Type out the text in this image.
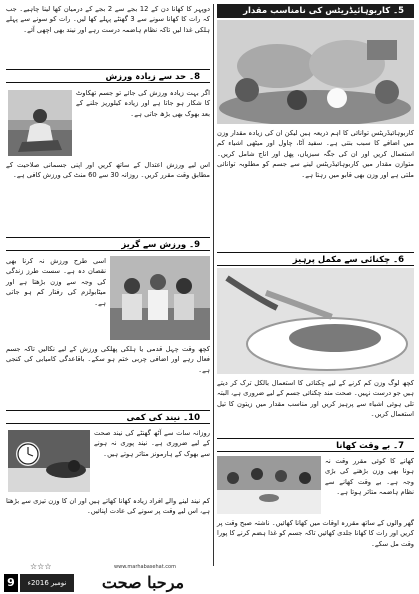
دوپہر کا کھانا دن کے 12 بجے سے 2 بجے کے درمیان کھا لینا چاہیے۔ جب کہ رات کا کھانا سونے سے 3 گھنٹے پہلے کھا لیں۔ رات کو سونے سے پہلے ہلکی غذا لیں تاکہ نظام ہاضمہ درست رہے اور نیند بھی اچھی آئے۔

8۔ حد سے زیادہ ورزش

اگر بہت زیادہ ورزش کی جائے تو جسم تھکاوٹ کا شکار ہو جاتا ہے اور زیادہ کیلوریز جلنے کے بعد بھوک بھی بڑھ جاتی ہے۔

اس لیے ورزش اعتدال کے ساتھ کریں اور اپنی جسمانی صلاحیت کے مطابق وقت مقرر کریں۔ روزانہ 30 سے 60 منٹ کی ورزش کافی ہے۔

9۔ ورزش سے گریز

اسی طرح ورزش نہ کرنا بھی نقصان دہ ہے۔ سست طرز زندگی کی وجہ سے وزن بڑھتا ہے اور میٹابولزم کی رفتار کم ہو جاتی ہے۔

کچھ وقت چہل قدمی یا ہلکی پھلکی ورزش کے لیے نکالیں تاکہ جسم فعال رہے اور اضافی چربی ختم ہو سکے۔ باقاعدگی کامیابی کی کنجی ہے۔

10۔ نیند کی کمی

روزانہ سات سے آٹھ گھنٹے کی نیند صحت کے لیے ضروری ہے۔ نیند پوری نہ ہونے سے بھوک کے ہارمونز متاثر ہوتے ہیں۔

کم نیند لینے والے افراد زیادہ کھانا کھاتے ہیں اور ان کا وزن تیزی سے بڑھتا ہے، اس لیے وقت پر سونے کی عادت اپنائیں۔

☆☆☆
5۔ کاربوہائیڈریٹس کی نامناسب مقدار

کاربوہائیڈریٹس توانائی کا اہم ذریعہ ہیں لیکن ان کی زیادہ مقدار وزن میں اضافے کا سبب بنتی ہے۔ سفید آٹا، چاول اور میٹھی اشیاء کم استعمال کریں اور ان کی جگہ سبزیاں، پھل اور اناج شامل کریں۔ متوازن مقدار میں کاربوہائیڈریٹس لینے سے جسم کو مطلوبہ توانائی ملتی ہے اور وزن بھی قابو میں رہتا ہے۔

6۔ چکنائی سے مکمل پرہیز

کچھ لوگ وزن کم کرنے کے لیے چکنائی کا استعمال بالکل ترک کر دیتے ہیں جو درست نہیں۔ صحت مند چکنائی جسم کے لیے ضروری ہے، البتہ تلی ہوئی اشیاء سے پرہیز کریں اور مناسب مقدار میں زیتون کا تیل استعمال کریں۔

7۔ بے وقت کھانا

کھانے کا کوئی مقرر وقت نہ ہونا بھی وزن بڑھنے کی بڑی وجہ ہے۔ بے وقت کھانے سے نظام ہاضمہ متاثر ہوتا ہے۔

گھر والوں کے ساتھ مقررہ اوقات میں کھانا کھائیں۔ ناشتہ صبح وقت پر کریں اور رات کا کھانا جلدی کھائیں تاکہ جسم کو غذا ہضم کرنے کا پورا وقت مل سکے۔

9	نومبر 2016ء	مرحبا صحت
www.marhabasehat.com
